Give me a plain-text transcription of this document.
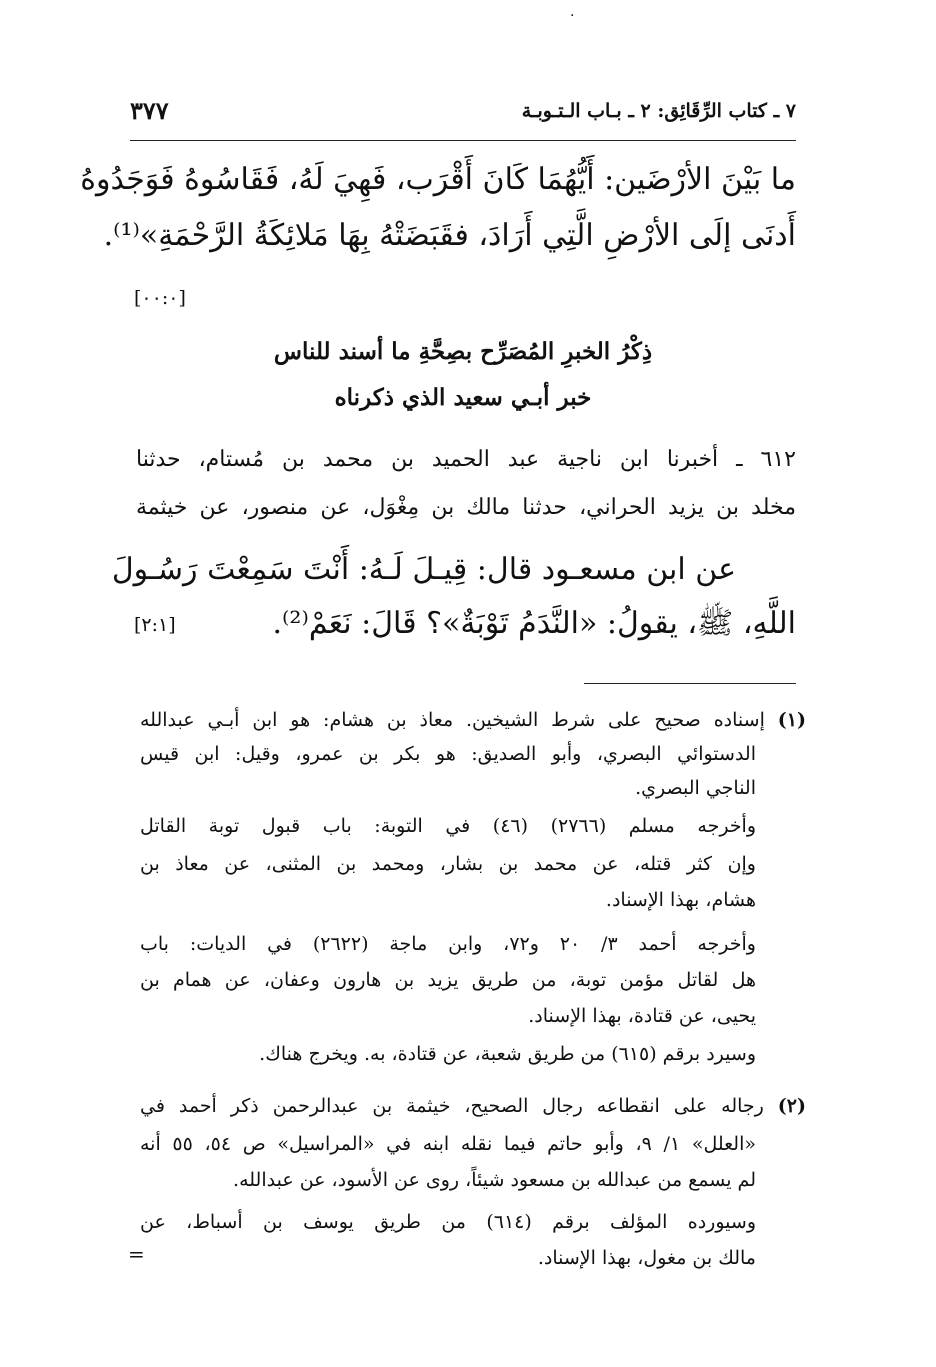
·
٧ ـ كتاب الرِّقَائِق: ٢ ـ بـاب الـتـوبـة
٣٧٧
ما بَيْنَ الأرْضَين: أَيُّهُمَا كَانَ أَقْرَب، فَهِيَ لَهُ، فَقَاسُوهُ فَوَجَدُوهُ
أَدنَى إلَى الأرْضِ الَّتِي أَرَادَ، فقَبَضَتْهُ بِهَا مَلائِكَةُ الرَّحْمَةِ»⁽¹⁾.
[٠٠:٠]
ذِكْرُ الخبرِ المُصَرِّح بصِحَّةِ ما أسند للناس
خبر أبـي سعيد الذي ذكرناه
٦١٢ ـ أخبرنا ابن ناجية عبد الحميد بن محمد بن مُستام، حدثنا
مخلد بن يزيد الحراني، حدثنا مالك بن مِغْوَل، عن منصور، عن خيثمة
عن ابن مسعـود قال: قِيـلَ لَـهُ: أَنْتَ سَمِعْتَ رَسُـولَ
اللَّهِ، ﷺ، يقولُ: «النَّدَمُ تَوْبَةٌ»؟ قَالَ: نَعَمْ⁽²⁾.
[٢:١]
(١) إسناده صحيح على شرط الشيخين. معاذ بن هشام: هو ابن أبـي عبدالله
الدستوائي البصري، وأبو الصديق: هو بكر بن عمرو، وقيل: ابن قيس
الناجي البصري.
وأخرجه مسلم (٢٧٦٦) (٤٦) في التوبة: باب قبول توبة القاتل
وإن كثر قتله، عن محمد بن بشار، ومحمد بن المثنى، عن معاذ بن
هشام، بهذا الإسناد.
وأخرجه أحمد ٣/ ٢٠ و٧٢، وابن ماجة (٢٦٢٢) في الديات: باب
هل لقاتل مؤمن توبة، من طريق يزيد بن هارون وعفان، عن همام بن
يحيى، عن قتادة، بهذا الإسناد.
وسيرد برقم (٦١٥) من طريق شعبة، عن قتادة، به. ويخرج هناك.
(٢) رجاله على انقطاعه رجال الصحيح، خيثمة بن عبدالرحمن ذكر أحمد في
«العلل» ١/ ٩، وأبو حاتم فيما نقله ابنه في «المراسيل» ص ٥٤، ٥٥ أنه
لم يسمع من عبدالله بن مسعود شيئاً، روى عن الأسود، عن عبدالله.
وسيورده المؤلف برقم (٦١٤) من طريق يوسف بن أسباط، عن
مالك بن مغول، بهذا الإسناد.
=
